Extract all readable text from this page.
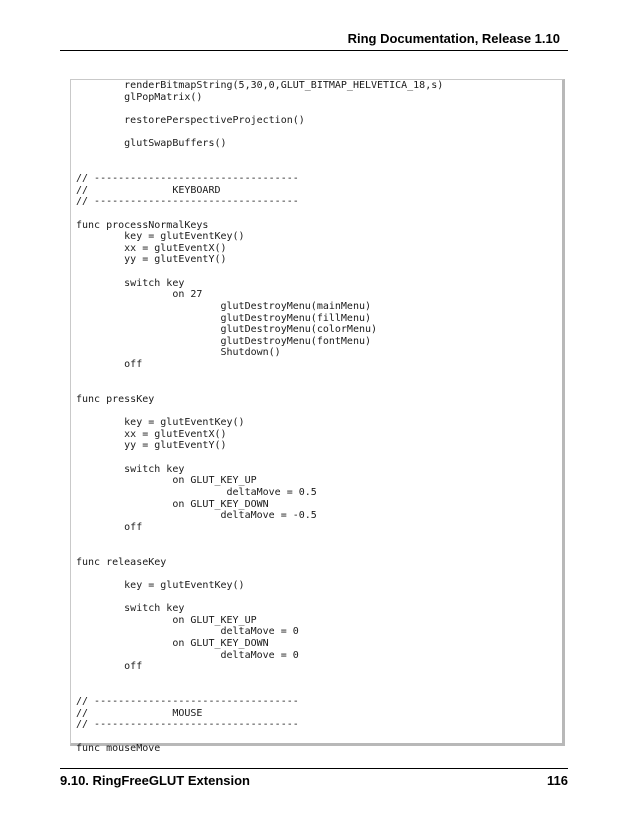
Ring Documentation, Release 1.10
renderBitmapString(5,30,0,GLUT_BITMAP_HELVETICA_18,s)
glPopMatrix()
restorePerspectiveProjection()
glutSwapBuffers()
// ----------------------------------
//              KEYBOARD
// ----------------------------------
func processNormalKeys
key = glutEventKey()
xx = glutEventX()
yy = glutEventY()
switch key
on 27
glutDestroyMenu(mainMenu)
glutDestroyMenu(fillMenu)
glutDestroyMenu(colorMenu)
glutDestroyMenu(fontMenu)
Shutdown()
off
func pressKey
key = glutEventKey()
xx = glutEventX()
yy = glutEventY()
switch key
on GLUT_KEY_UP
deltaMove = 0.5
on GLUT_KEY_DOWN
deltaMove = -0.5
off
func releaseKey
key = glutEventKey()
switch key
on GLUT_KEY_UP
deltaMove = 0
on GLUT_KEY_DOWN
deltaMove = 0
off
// ----------------------------------
//              MOUSE
// ----------------------------------
func mouseMove
9.10. RingFreeGLUT Extension	116
